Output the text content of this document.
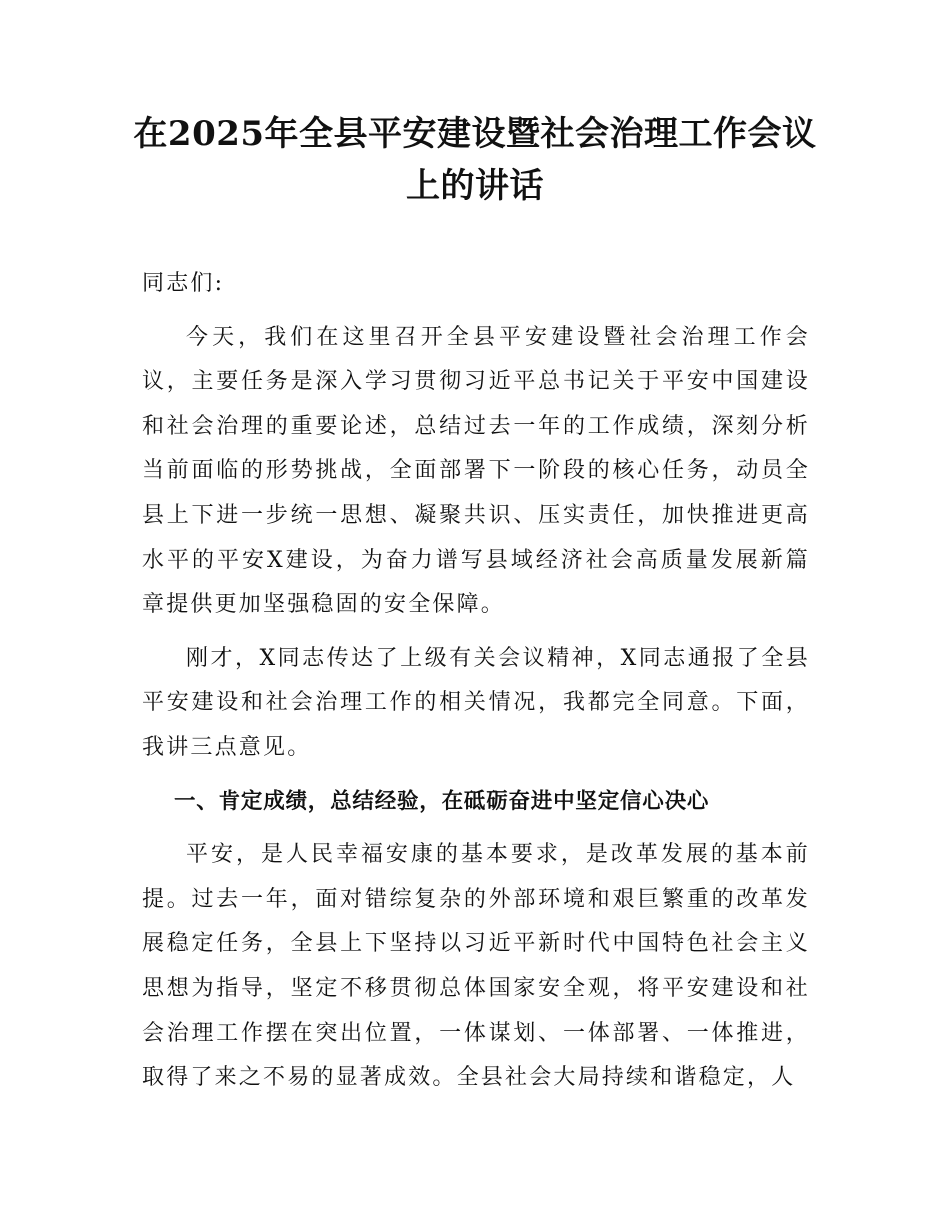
在2025年全县平安建设暨社会治理工作会议上的讲话

同志们:

今天，我们在这里召开全县平安建设暨社会治理工作会议，主要任务是深入学习贯彻习近平总书记关于平安中国建设和社会治理的重要论述，总结过去一年的工作成绩，深刻分析当前面临的形势挑战，全面部署下一阶段的核心任务，动员全县上下进一步统一思想、凝聚共识、压实责任，加快推进更高水平的平安X建设，为奋力谱写县域经济社会高质量发展新篇章提供更加坚强稳固的安全保障。

刚才，X同志传达了上级有关会议精神，X同志通报了全县平安建设和社会治理工作的相关情况，我都完全同意。下面，我讲三点意见。

一、肯定成绩，总结经验，在砥砺奋进中坚定信心决心

平安，是人民幸福安康的基本要求，是改革发展的基本前提。过去一年，面对错综复杂的外部环境和艰巨繁重的改革发展稳定任务，全县上下坚持以习近平新时代中国特色社会主义思想为指导，坚定不移贯彻总体国家安全观，将平安建设和社会治理工作摆在突出位置，一体谋划、一体部署、一体推进，取得了来之不易的显著成效。全县社会大局持续和谐稳定，人
